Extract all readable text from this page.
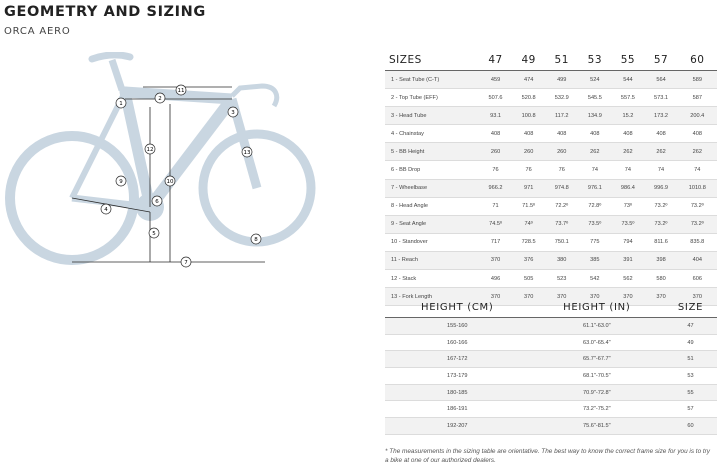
GEOMETRY AND SIZING
ORCA AERO
1
2
3
4
5
6
7
8
9	10
11
12	13
SIZES	47	49	51	53	55	57	60
1 - Seat Tube (C-T)	459	474	499	524	544	564	589
2 - Top Tube (EFF)	507.6	520.8	532.9	545.5	557.5	573.1	587
3 - Head Tube	93.1	100.8	117.2	134.9	15.2	173.2	200.4
4 - Chainstay	408	408	408	408	408	408	408
5 - BB Height	260	260	260	262	262	262	262
6 - BB Drop	76	76	76	74	74	74	74
7 - Wheelbase	966.2	971	974.8	976.1	986.4	996.9	1010.8
8 - Head Angle	71	71.5º	72.2º	72.8º	73º	73.2º	73.2º
9 - Seat Angle	74.5º	74º	73.7º	73.5º	73.5º	73.2º	73.2º
10 - Standover	717	728.5	750.1	775	794	811.6	835.8
11 - Reach	370	376	380	385	391	398	404
12 - Stack	496	505	523	542	562	580	606
13 - Fork Length	370	370	370	370	370	370	370
HEIGHT (CM)	HEIGHT (IN)	SIZE
155-160	61.1"-63.0"	47
160-166	63.0"-65.4"	49
167-172	65.7"-67.7"	51
173-179	68.1"-70.5"	53
180-185	70.9"-72.8"	55
186-191	73.2"-75.2"	57
192-207	75.6"-81.5"	60
* The measurements in the sizing table are orientative. The best way to know the correct frame size for you is to try a bike at one of our authorized dealers.
